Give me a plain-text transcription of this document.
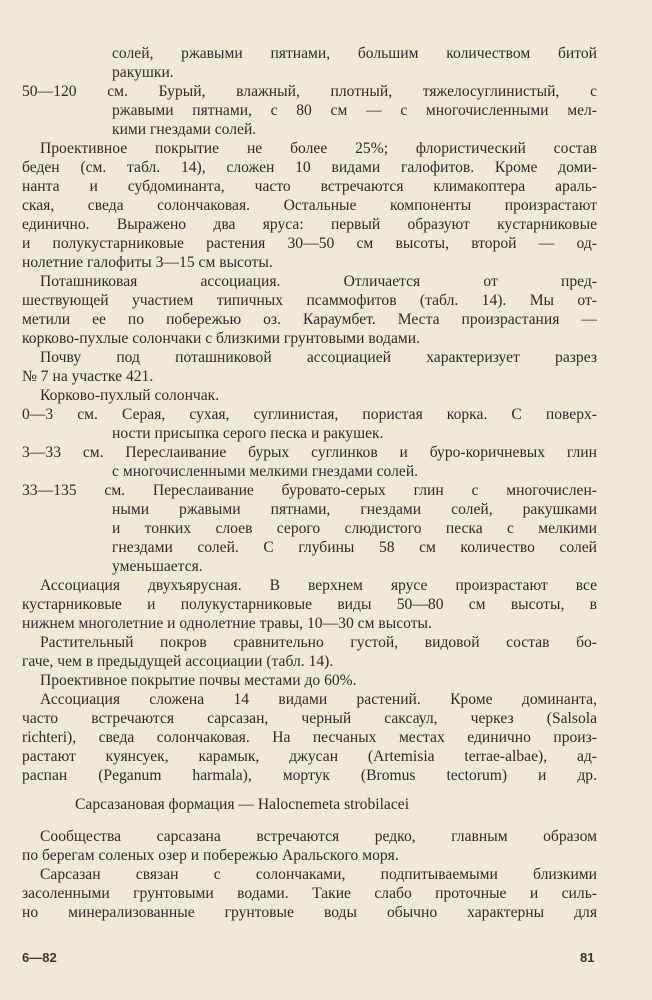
солей, ржавыми пятнами, большим количеством битой
ракушки.
50—120 см. Бурый, влажный, плотный, тяжелосуглинистый, с
ржавыми пятнами, с 80 см — с многочисленными мел-
кими гнездами солей.
Проективное покрытие не более 25%; флористический состав
беден (см. табл. 14), сложен 10 видами галофитов. Кроме доми-
нанта и субдоминанта, часто встречаются климакоптера араль-
ская, сведа солончаковая. Остальные компоненты произрастают
единично. Выражено два яруса: первый образуют кустарниковые
и полукустарниковые растения 30—50 см высоты, второй — од-
нолетние галофиты 3—15 см высоты.
Поташниковая ассоциация. Отличается от пред-
шествующей участием типичных псаммофитов (табл. 14). Мы от-
метили ее по побережью оз. Караумбет. Места произрастания —
корково-пухлые солончаки с близкими грунтовыми водами.
Почву под поташниковой ассоциацией характеризует разрез
№ 7 на участке 421.
Корково-пухлый солончак.
0—3 см. Серая, сухая, суглинистая, пористая корка. С поверх-
ности присыпка серого песка и ракушек.
3—33 см. Переслаивание бурых суглинков и буро-коричневых глин
с многочисленными мелкими гнездами солей.
33—135 см. Переслаивание буровато-серых глин с многочислен-
ными ржавыми пятнами, гнездами солей, ракушками
и тонких слоев серого слюдистого песка с мелкими
гнездами солей. С глубины 58 см количество солей
уменьшается.
Ассоциация двухъярусная. В верхнем ярусе произрастают все
кустарниковые и полукустарниковые виды 50—80 см высоты, в
нижнем многолетние и однолетние травы, 10—30 см высоты.
Растительный покров сравнительно густой, видовой состав бо-
гаче, чем в предыдущей ассоциации (табл. 14).
Проективное покрытие почвы местами до 60%.
Ассоциация сложена 14 видами растений. Кроме доминанта,
часто встречаются сарсазан, черный саксаул, черкез (Salsola
richteri), сведа солончаковая. На песчаных местах единично произ-
растают куянсуек, карамык, джусан (Artemisia terrae-albae), ад-
распан (Peganum harmala), мортук (Bromus tectorum) и др.
Сарсазановая формация — Halocnemeta strobilacei
Сообщества сарсазана встречаются редко, главным образом
по берегам соленых озер и побережью Аральского моря.
Сарсазан связан с солончаками, подпитываемыми близкими
засоленными грунтовыми водами. Такие слабо проточные и силь-
но минерализованные грунтовые воды обычно характерны для
6—82	81
